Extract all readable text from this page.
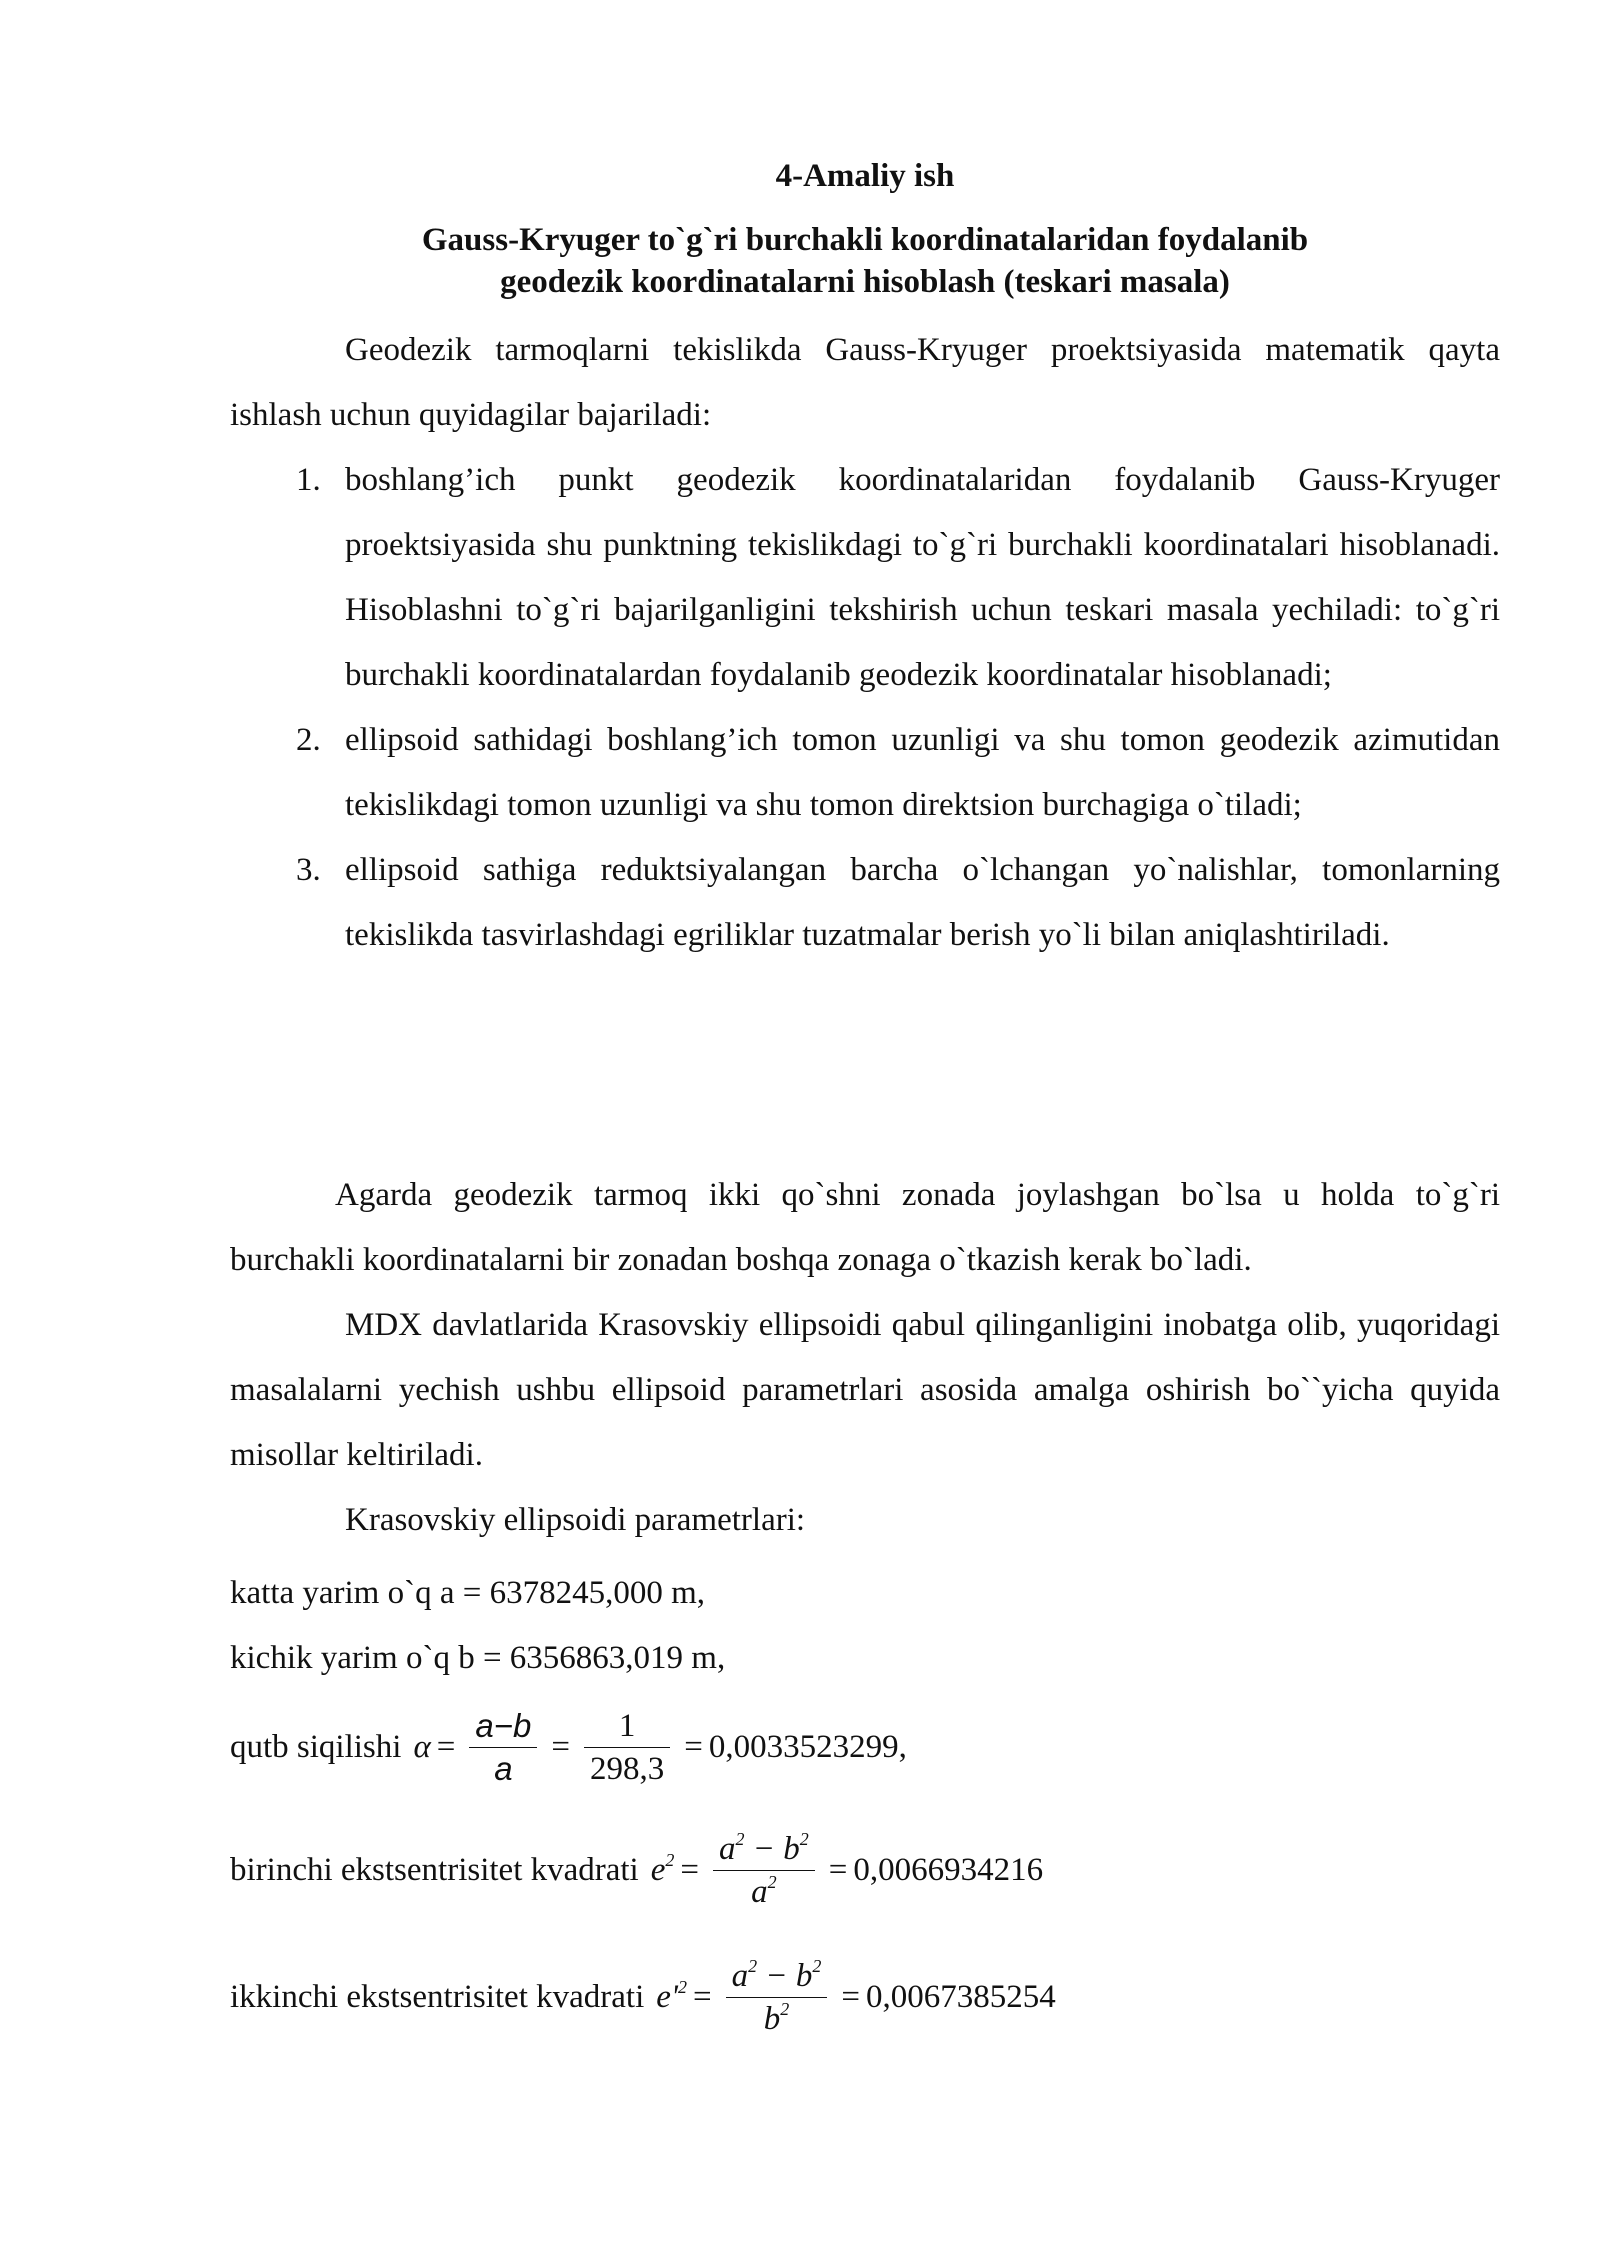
4-Amaliy ish
Gauss-Kryuger to`g`ri burchakli koordinatalaridan foydalanib
geodezik koordinatalarni hisoblash (teskari masala)
Geodezik tarmoqlarni tekislikda Gauss-Kryuger proektsiyasida matematik qayta ishlash uchun quyidagilar bajariladi:
1. boshlang’ich punkt geodezik koordinatalaridan foydalanib Gauss-Kryuger proektsiyasida shu punktning tekislikdagi to`g`ri burchakli koordinatalari hisoblanadi. Hisoblashni to`g`ri bajarilganligini tekshirish uchun teskari masala yechiladi: to`g`ri burchakli koordinatalardan foydalanib geodezik koordinatalar hisoblanadi;
2. ellipsoid sathidagi boshlang’ich tomon uzunligi va shu tomon geodezik azimutidan tekislikdagi tomon uzunligi va shu tomon direktsion burchagiga o`tiladi;
3. ellipsoid sathiga reduktsiyalangan barcha o`lchangan yo`nalishlar, tomonlarning tekislikda tasvirlashdagi egriliklar tuzatmalar berish yo`li bilan aniqlashtiriladi.
Agarda geodezik tarmoq ikki qo`shni zonada joylashgan bo`lsa u holda to`g`ri burchakli koordinatalarni bir zonadan boshqa zonaga o`tkazish kerak bo`ladi.
MDX davlatlarida Krasovskiy ellipsoidi qabul qilinganligini inobatga olib, yuqoridagi masalalarni yechish ushbu ellipsoid parametrlari asosida amalga oshirish bo``yicha quyida misollar keltiriladi.
Krasovskiy ellipsoidi parametrlari:
katta yarim o`q a = 6378245,000 m,
kichik yarim o`q b = 6356863,019 m,
qutb siqilishi $\alpha = \frac{a-b}{a} = \frac{1}{298,3} = 0,0033523299$ ,
birinchi ekstsentrisitet kvadrati $e^2 = \frac{a^2 - b^2}{a^2} = 0,0066934216$
ikkinchi ekstsentrisitet kvadrati $e'^2 = \frac{a^2 - b^2}{b^2} = 0,0067385254$
